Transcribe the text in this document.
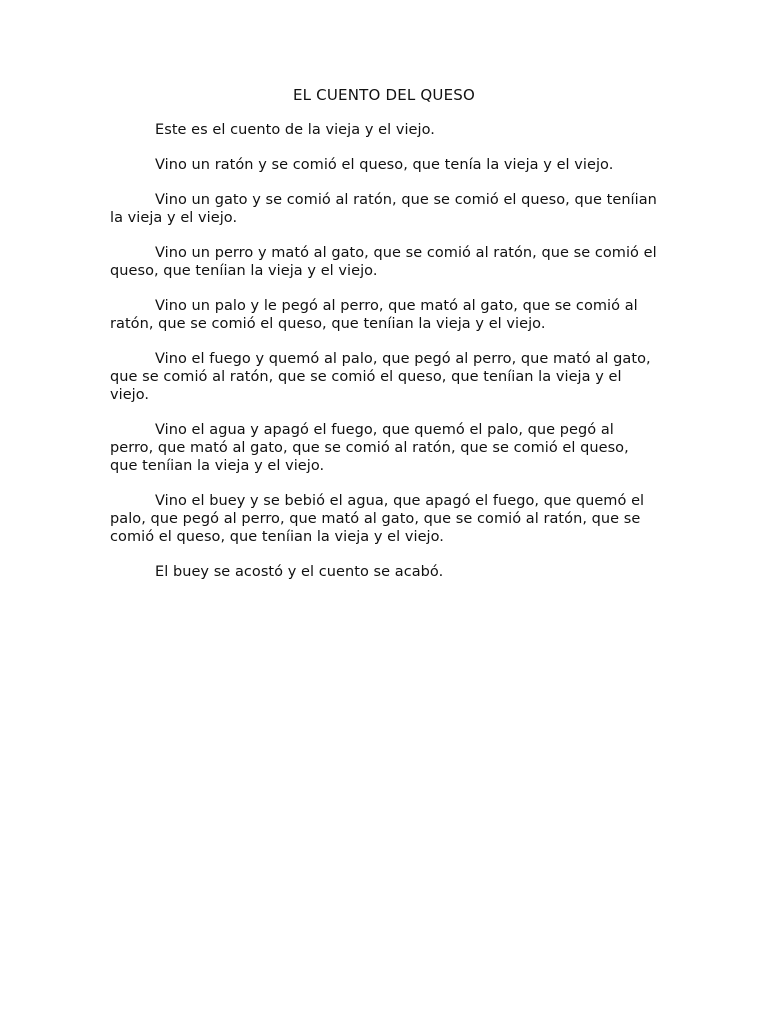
EL CUENTO DEL QUESO

Este es el cuento de la vieja y el viejo.

Vino un ratón y se comió el queso, que tenía la vieja y el viejo.

Vino un gato y se comió al ratón, que se comió el queso, que teníian la vieja y el viejo.

Vino un perro y mató al gato, que se comió al ratón, que se comió el queso, que teníian la vieja y el viejo.

Vino un palo y le pegó al perro, que mató al gato, que se comió al ratón, que se comió el queso, que teníian la vieja y el viejo.

Vino el fuego y quemó al palo, que pegó al perro, que mató al gato, que se comió al ratón, que se comió el queso, que teníian la vieja y el viejo.

Vino el agua y apagó el fuego, que quemó el palo, que pegó al perro, que mató al gato, que se comió al ratón, que se comió el queso, que teníian la vieja y el viejo.

Vino el buey y se bebió el agua, que apagó el fuego, que quemó el palo, que pegó al perro, que mató al gato, que se comió al ratón, que se comió el queso, que teníian la vieja y el viejo.

El buey se acostó y el cuento se acabó.
